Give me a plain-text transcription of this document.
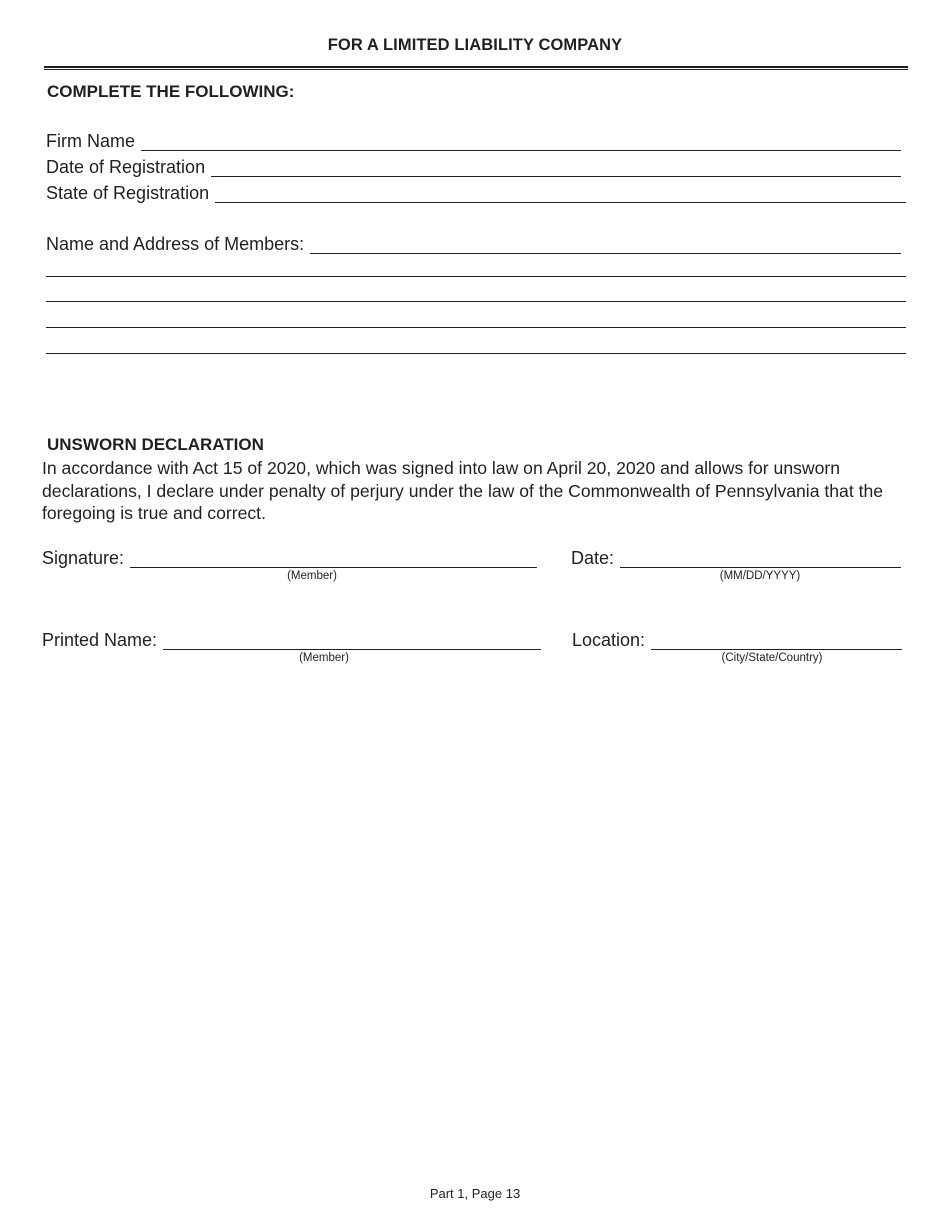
FOR A LIMITED LIABILITY COMPANY
COMPLETE THE FOLLOWING:
Firm Name
Date of Registration
State of Registration
Name and Address of Members:
UNSWORN DECLARATION
In accordance with Act 15 of 2020, which was signed into law on April 20, 2020 and allows for unsworn declarations, I declare under penalty of perjury under the law of the Commonwealth of Pennsylvania that the foregoing is true and correct.
Signature:
(Member)
Date:
(MM/DD/YYYY)
Printed Name:
(Member)
Location:
(City/State/Country)
Part 1, Page 13
